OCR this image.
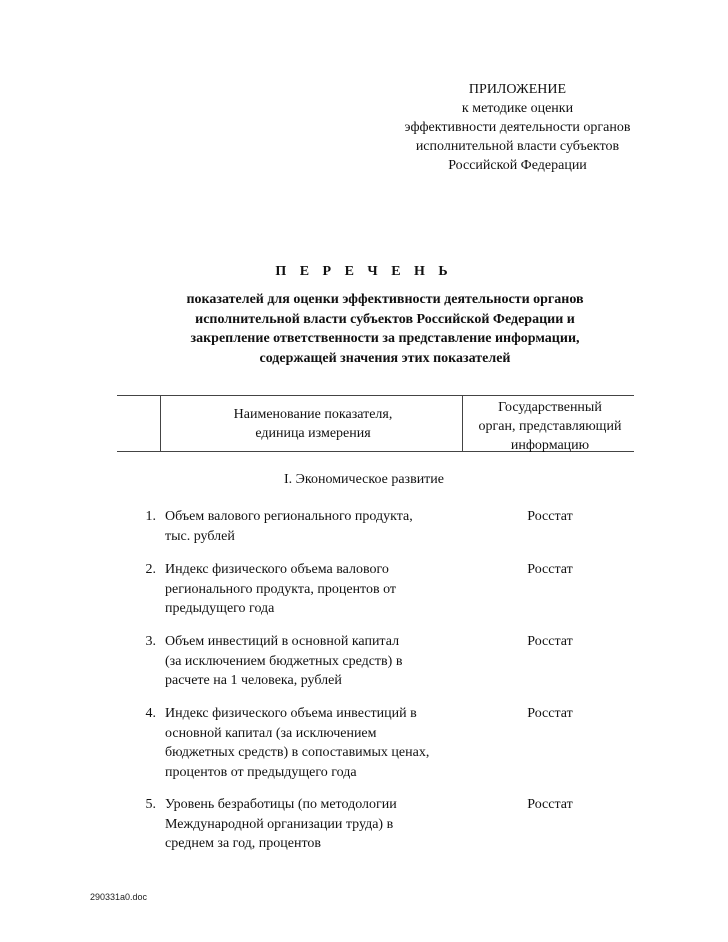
ПРИЛОЖЕНИЕ
к методике оценки
эффективности деятельности органов
исполнительной власти субъектов
Российской Федерации
П Е Р Е Ч Е Н Ь
показателей для оценки эффективности деятельности органов
исполнительной власти субъектов Российской Федерации и
закрепление ответственности за представление информации,
содержащей значения этих показателей
Наименование показателя,
единица измерения
Государственный
орган, представляющий
информацию
I. Экономическое развитие
1. Объем валового регионального продукта,
тыс. рублей
Росстат
2. Индекс физического объема валового
регионального продукта, процентов от
предыдущего года
Росстат
3. Объем инвестиций в основной капитал
(за исключением бюджетных средств) в
расчете на 1 человека, рублей
Росстат
4. Индекс физического объема инвестиций в
основной капитал (за исключением
бюджетных средств) в сопоставимых ценах,
процентов от предыдущего года
Росстат
5. Уровень безработицы (по методологии
Международной организации труда) в
среднем за год, процентов
Росстат
290331a0.doc
